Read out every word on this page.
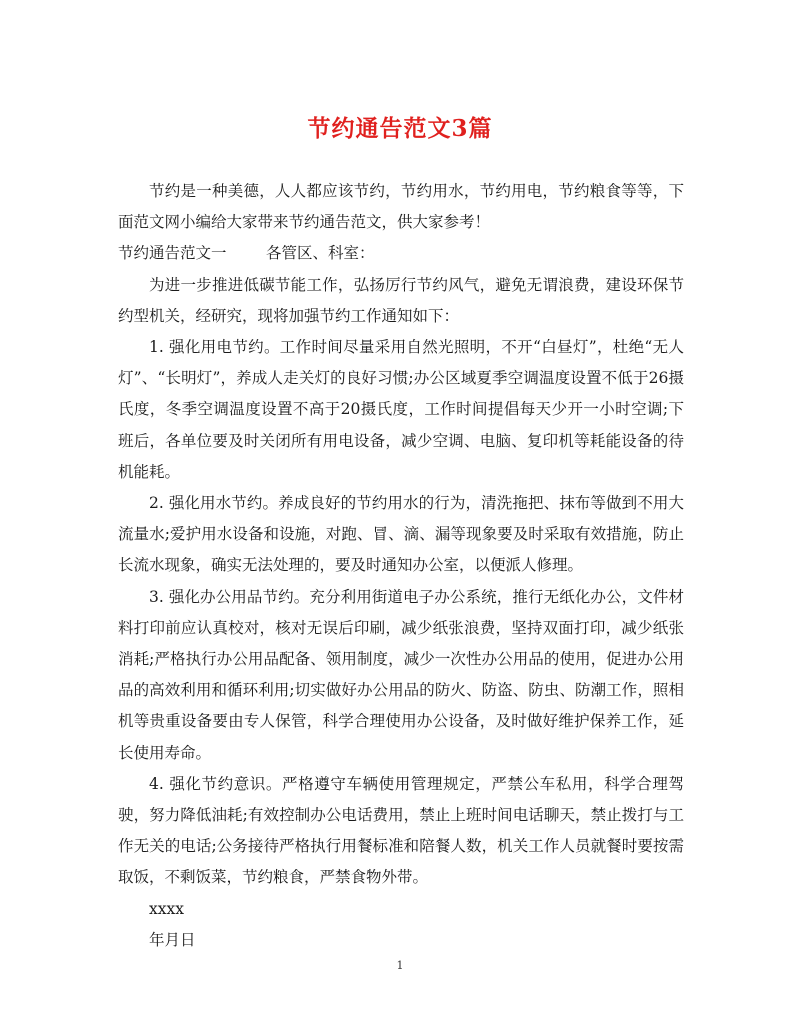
节约通告范文3篇

节约是一种美德，人人都应该节约，节约用水，节约用电，节约粮食等等，下面范文网小编给大家带来节约通告范文，供大家参考！

节约通告范文一	各管区、科室：

为进一步推进低碳节能工作，弘扬厉行节约风气，避免无谓浪费，建设环保节约型机关，经研究，现将加强节约工作通知如下：

1. 强化用电节约。工作时间尽量采用自然光照明，不开“白昼灯”，杜绝“无人灯”、“长明灯”，养成人走关灯的良好习惯;办公区域夏季空调温度设置不低于26摄氏度，冬季空调温度设置不高于20摄氏度，工作时间提倡每天少开一小时空调;下班后，各单位要及时关闭所有用电设备，减少空调、电脑、复印机等耗能设备的待机能耗。

2. 强化用水节约。养成良好的节约用水的行为，清洗拖把、抹布等做到不用大流量水;爱护用水设备和设施，对跑、冒、滴、漏等现象要及时采取有效措施，防止长流水现象，确实无法处理的，要及时通知办公室，以便派人修理。

3. 强化办公用品节约。充分利用街道电子办公系统，推行无纸化办公，文件材料打印前应认真校对，核对无误后印刷，减少纸张浪费，坚持双面打印，减少纸张消耗;严格执行办公用品配备、领用制度，减少一次性办公用品的使用，促进办公用品的高效利用和循环利用;切实做好办公用品的防火、防盗、防虫、防潮工作，照相机等贵重设备要由专人保管，科学合理使用办公设备，及时做好维护保养工作，延长使用寿命。

4. 强化节约意识。严格遵守车辆使用管理规定，严禁公车私用，科学合理驾驶，努力降低油耗;有效控制办公电话费用，禁止上班时间电话聊天，禁止拨打与工作无关的电话;公务接待严格执行用餐标准和陪餐人数，机关工作人员就餐时要按需取饭，不剩饭菜，节约粮食，严禁食物外带。

xxxx

年月日

1
